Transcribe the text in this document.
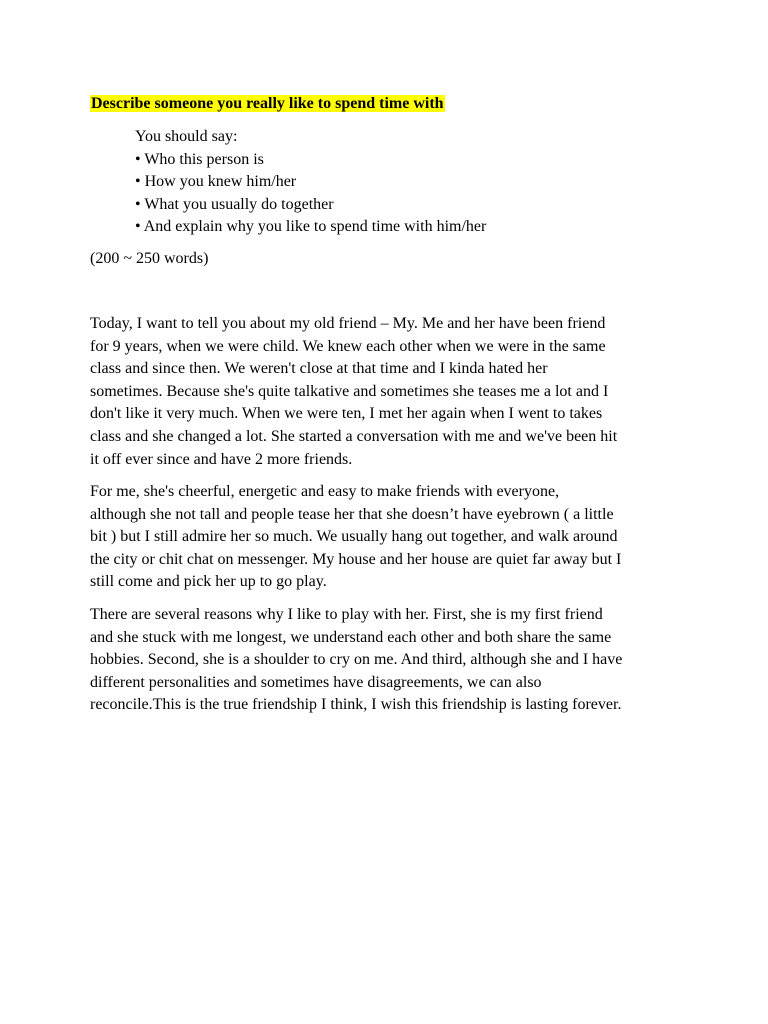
Describe someone you really like to spend time with

You should say:
• Who this person is
• How you knew him/her
• What you usually do together
• And explain why you like to spend time with him/her

(200 ~ 250 words)

Today, I want to tell you about my old friend – My. Me and her have been friend
for 9 years, when we were child. We knew each other when we were in the same
class and since then. We weren't close at that time and I kinda hated her
sometimes. Because she's quite talkative and sometimes she teases me a lot and I
don't like it very much. When we were ten, I met her again when I went to takes
class and she changed a lot. She started a conversation with me and we've been hit
it off ever since and have 2 more friends.

For me, she's cheerful, energetic and easy to make friends with everyone,
although she not tall and people tease her that she doesn’t have eyebrown ( a little
bit ) but I still admire her so much. We usually hang out together, and walk around
the city or chit chat on messenger. My house and her house are quiet far away but I
still come and pick her up to go play.

There are several reasons why I like to play with her. First, she is my first friend
and she stuck with me longest, we understand each other and both share the same
hobbies. Second, she is a shoulder to cry on me. And third, although she and I have
different personalities and sometimes have disagreements, we can also
reconcile.This is the true friendship I think, I wish this friendship is lasting forever.
